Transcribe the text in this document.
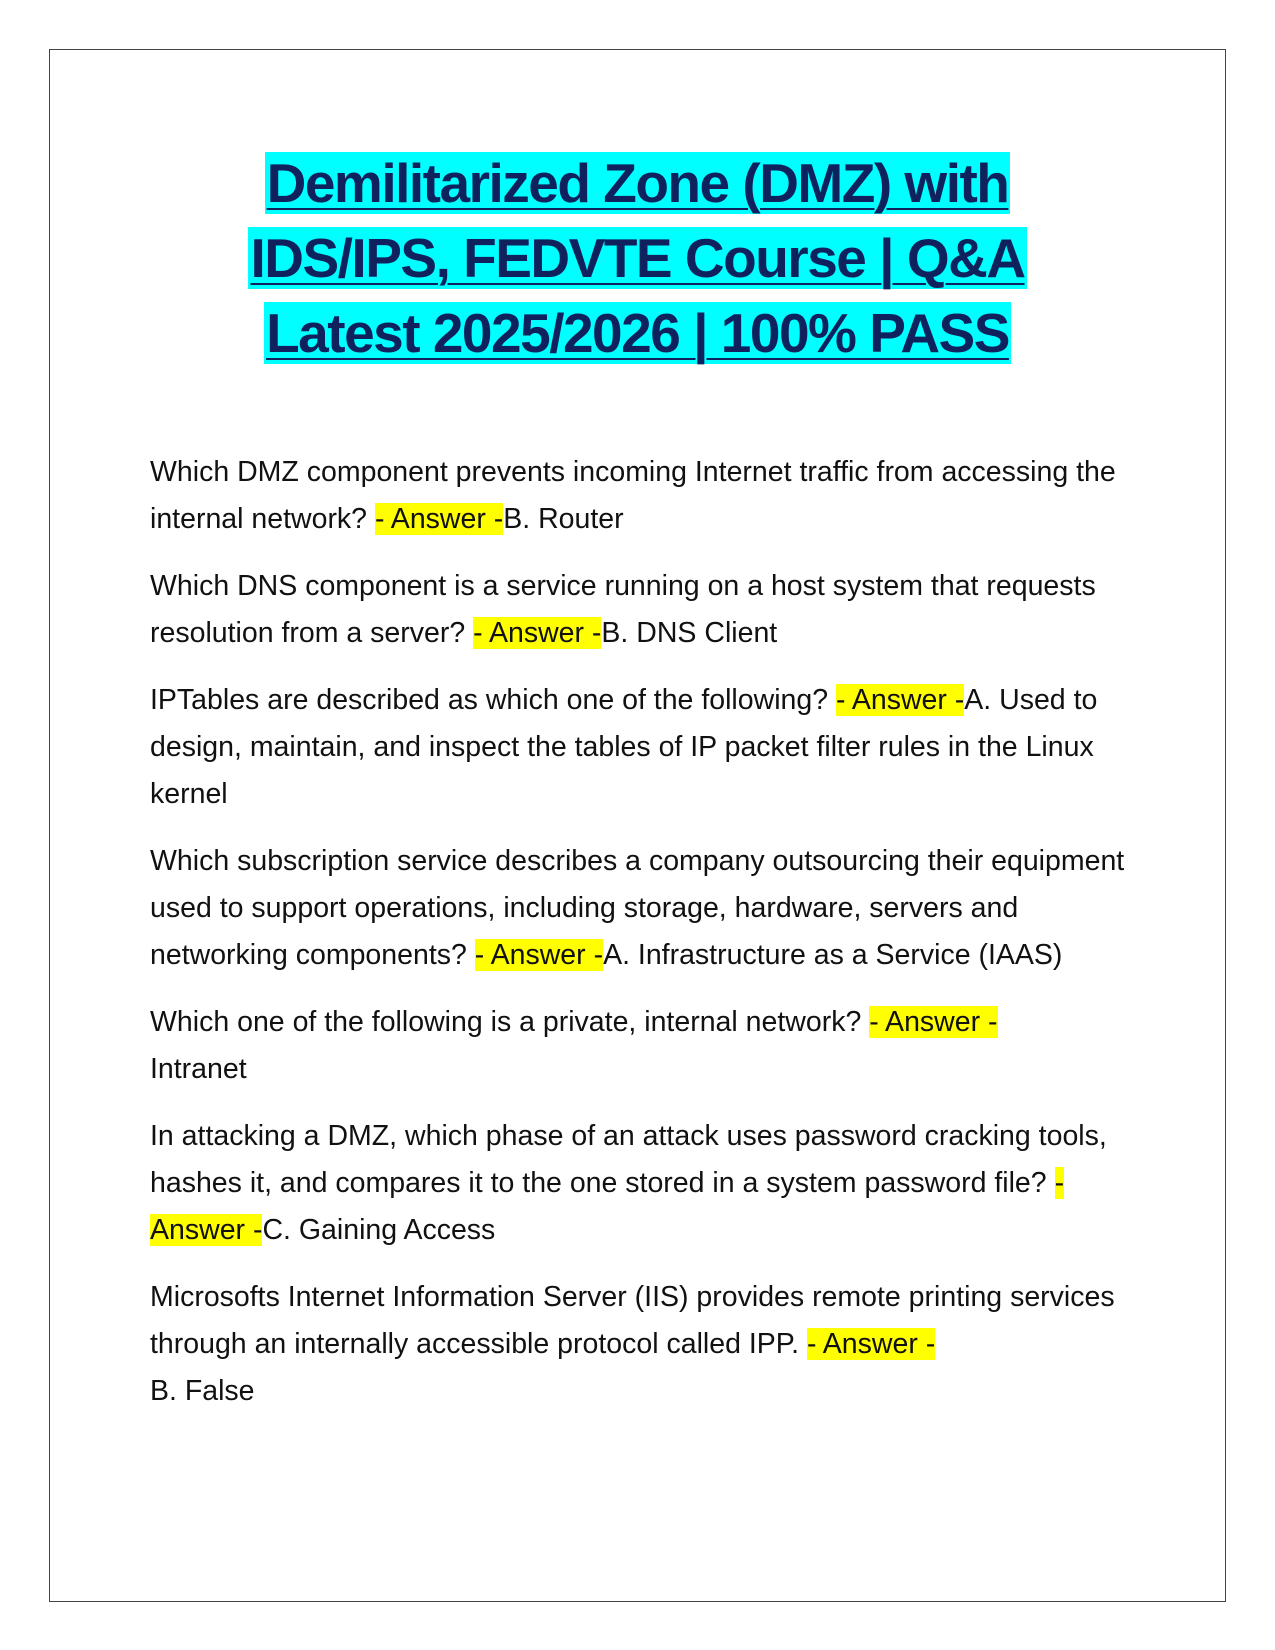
Demilitarized Zone (DMZ) with
IDS/IPS, FEDVTE Course | Q&A
Latest 2025/2026 | 100% PASS

Which DMZ component prevents incoming Internet traffic from accessing the internal network? - Answer -B. Router

Which DNS component is a service running on a host system that requests resolution from a server? - Answer -B. DNS Client

IPTables are described as which one of the following? - Answer -A. Used to design, maintain, and inspect the tables of IP packet filter rules in the Linux kernel

Which subscription service describes a company outsourcing their equipment used to support operations, including storage, hardware, servers and networking components? - Answer -A. Infrastructure as a Service (IAAS)

Which one of the following is a private, internal network? - Answer -
Intranet

In attacking a DMZ, which phase of an attack uses password cracking tools, hashes it, and compares it to the one stored in a system password file? - Answer -C. Gaining Access

Microsofts Internet Information Server (IIS) provides remote printing services through an internally accessible protocol called IPP. - Answer -
B. False
